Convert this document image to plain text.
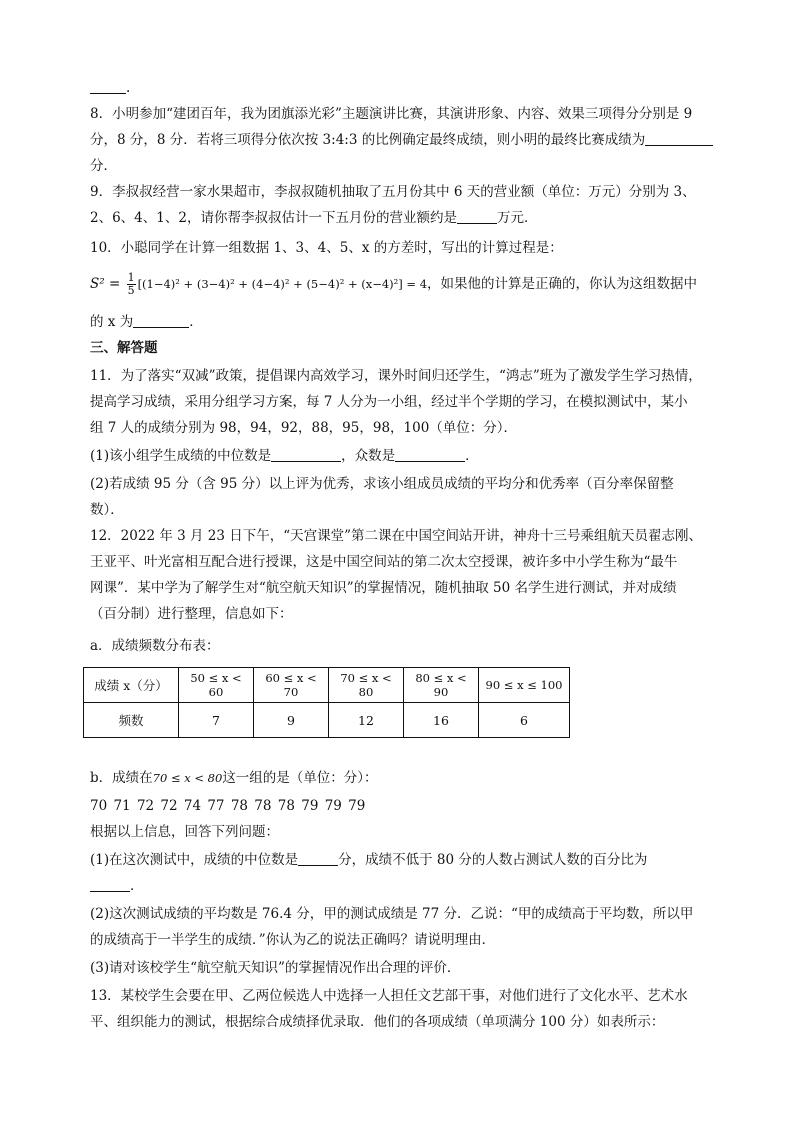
.
8．小明参加“建团百年，我为团旗添光彩”主题演讲比赛，其演讲形象、内容、效果三项得分分别是 9
分，8 分，8 分．若将三项得分依次按 3:4:3 的比例确定最终成绩，则小明的最终比赛成绩为
分．
9．李叔叔经营一家水果超市，李叔叔随机抽取了五月份其中 6 天的营业额（单位：万元）分别为 3、
2、6、4、1、2，请你帮李叔叔估计一下五月份的营业额约是	万元．
10．小聪同学在计算一组数据 1、3、4、5、x 的方差时，写出的计算过程是：
$S^2 = \frac{1}{5} [(1-4)^2 + (3-4)^2 + (4-4)^2 + (5-4)^2 + (x-4)^2] = 4$，如果他的计算是正确的，你认为这组数据中
的 x 为	．
三、解答题
11．为了落实“双减”政策，提倡课内高效学习，课外时间归还学生，“鸿志”班为了激发学生学习热情，
提高学习成绩，采用分组学习方案，每 7 人分为一小组，经过半个学期的学习，在模拟测试中，某小
组 7 人的成绩分别为 98，94，92，88，95，98，100（单位：分）．
(1)该小组学生成绩的中位数是	，众数是	．
(2)若成绩 95 分（含 95 分）以上评为优秀，求该小组成员成绩的平均分和优秀率（百分率保留整
数）．
12．2022 年 3 月 23 日下午，“天宫课堂”第二课在中国空间站开讲，神舟十三号乘组航天员翟志刚、
王亚平、叶光富相互配合进行授课，这是中国空间站的第二次太空授课，被许多中小学生称为“最牛
网课”．某中学为了解学生对“航空航天知识”的掌握情况，随机抽取 50 名学生进行测试，并对成绩
（百分制）进行整理，信息如下：
a．成绩频数分布表：
成绩 x（分）	50 ≤ x < 60	60 ≤ x < 70	70 ≤ x < 80	80 ≤ x < 90	90 ≤ x ≤ 100
频数	7	9	12	16	6
b．成绩在70 ≤ x < 80这一组的是（单位：分）：
70 71 72 72 74 77 78 78 78 79 79 79
根据以上信息，回答下列问题：
(1)在这次测试中，成绩的中位数是	分，成绩不低于 80 分的人数占测试人数的百分比为
．
(2)这次测试成绩的平均数是 76.4 分，甲的测试成绩是 77 分．乙说：“甲的成绩高于平均数，所以甲
的成绩高于一半学生的成绩．”你认为乙的说法正确吗？请说明理由．
(3)请对该校学生“航空航天知识”的掌握情况作出合理的评价．
13．某校学生会要在甲、乙两位候选人中选择一人担任文艺部干事，对他们进行了文化水平、艺术水
平、组织能力的测试，根据综合成绩择优录取．他们的各项成绩（单项满分 100 分）如表所示：
